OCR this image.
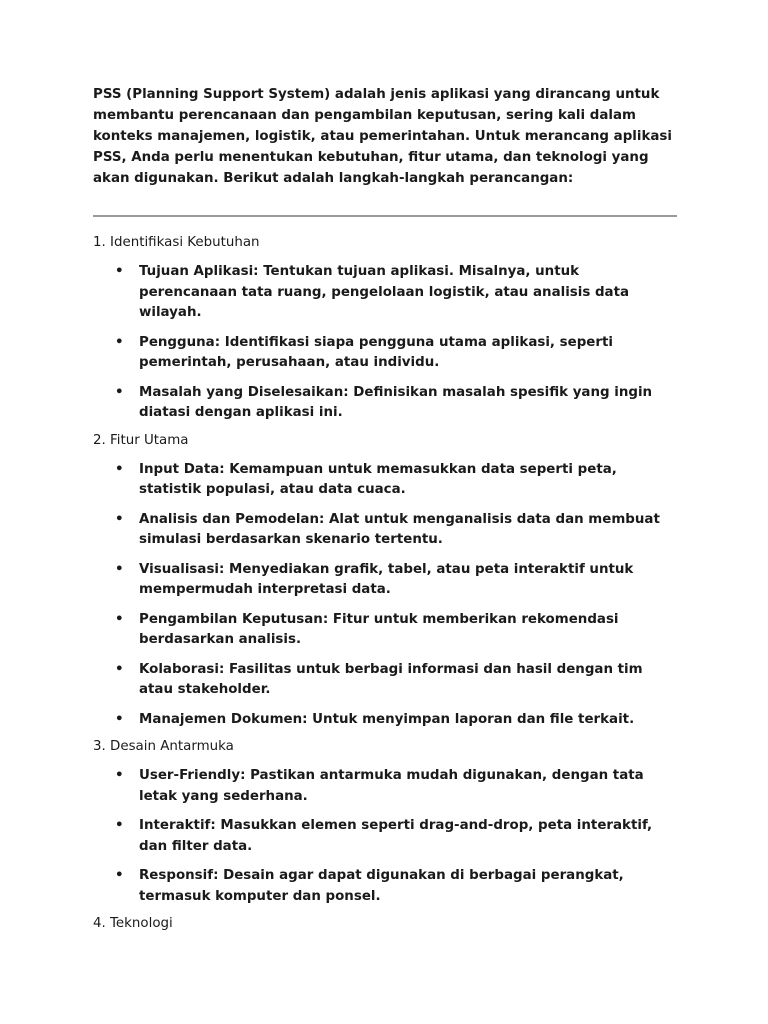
PSS (Planning Support System) adalah jenis aplikasi yang dirancang untuk membantu perencanaan dan pengambilan keputusan, sering kali dalam konteks manajemen, logistik, atau pemerintahan. Untuk merancang aplikasi PSS, Anda perlu menentukan kebutuhan, fitur utama, dan teknologi yang akan digunakan. Berikut adalah langkah-langkah perancangan:

1. Identifikasi Kebutuhan
• Tujuan Aplikasi: Tentukan tujuan aplikasi. Misalnya, untuk perencanaan tata ruang, pengelolaan logistik, atau analisis data wilayah.
• Pengguna: Identifikasi siapa pengguna utama aplikasi, seperti pemerintah, perusahaan, atau individu.
• Masalah yang Diselesaikan: Definisikan masalah spesifik yang ingin diatasi dengan aplikasi ini.
2. Fitur Utama
• Input Data: Kemampuan untuk memasukkan data seperti peta, statistik populasi, atau data cuaca.
• Analisis dan Pemodelan: Alat untuk menganalisis data dan membuat simulasi berdasarkan skenario tertentu.
• Visualisasi: Menyediakan grafik, tabel, atau peta interaktif untuk mempermudah interpretasi data.
• Pengambilan Keputusan: Fitur untuk memberikan rekomendasi berdasarkan analisis.
• Kolaborasi: Fasilitas untuk berbagi informasi dan hasil dengan tim atau stakeholder.
• Manajemen Dokumen: Untuk menyimpan laporan dan file terkait.
3. Desain Antarmuka
• User-Friendly: Pastikan antarmuka mudah digunakan, dengan tata letak yang sederhana.
• Interaktif: Masukkan elemen seperti drag-and-drop, peta interaktif, dan filter data.
• Responsif: Desain agar dapat digunakan di berbagai perangkat, termasuk komputer dan ponsel.
4. Teknologi
